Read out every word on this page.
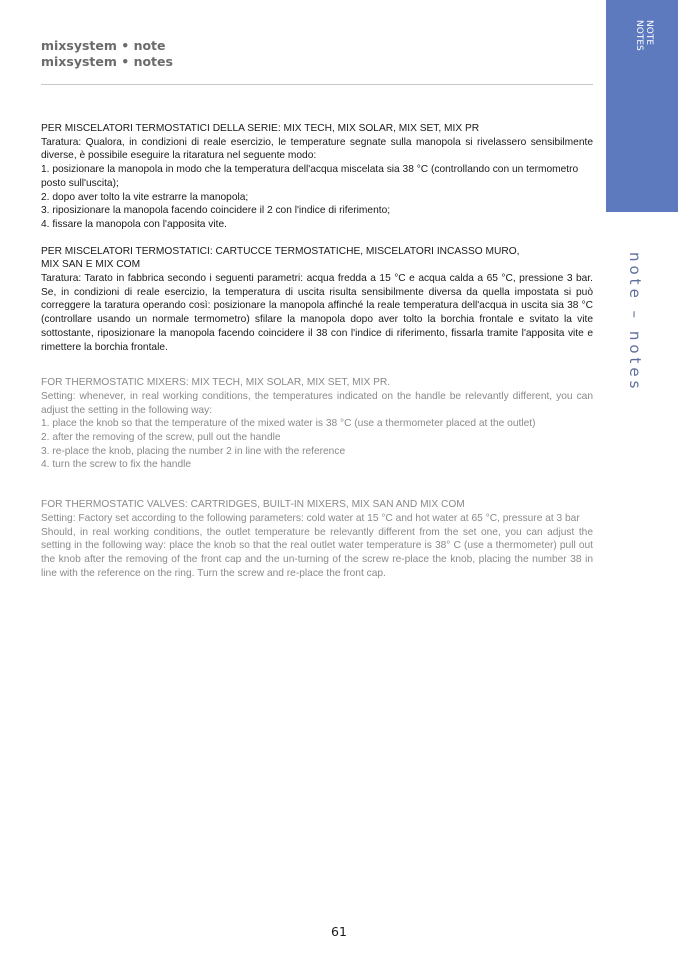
mixsystem • note
mixsystem • notes
NOTE
NOTES
note – notes

PER MISCELATORI TERMOSTATICI DELLA SERIE: MIX TECH, MIX SOLAR, MIX SET, MIX PR

Taratura: Qualora, in condizioni di reale esercizio, le temperature segnate sulla manopola si rivelassero sensibilmente diverse, è possibile eseguire la ritaratura nel seguente modo:

1. posizionare la manopola in modo che la temperatura dell'acqua miscelata sia 38 °C (controllando con un termometro posto sull'uscita);

2. dopo aver tolto la vite estrarre la manopola;

3. riposizionare la manopola facendo coincidere il 2 con l'indice di riferimento;

4. fissare la manopola con l'apposita vite.

PER MISCELATORI TERMOSTATICI: CARTUCCE TERMOSTATICHE, MISCELATORI INCASSO MURO,

MIX SAN E MIX COM

Taratura: Tarato in fabbrica secondo i seguenti parametri: acqua fredda a 15 °C e acqua calda a 65 °C, pressione 3 bar. Se, in condizioni di reale esercizio, la temperatura di uscita risulta sensibilmente diversa da quella impostata si può correggere la taratura operando così: posizionare la manopola affinché la reale temperatura dell'acqua in uscita sia 38 °C (controllare usando un normale termometro) sfilare la manopola dopo aver tolto la borchia frontale e svitato la vite sottostante, riposizionare la manopola facendo coincidere il 38 con l'indice di riferimento, fissarla tramite l'apposita vite e rimettere la borchia frontale.

FOR THERMOSTATIC MIXERS: MIX TECH, MIX SOLAR, MIX SET, MIX PR.

Setting: whenever, in real working conditions, the temperatures indicated on the handle be relevantly different, you can adjust the setting in the following way:

1. place the knob so that the temperature of the mixed water is 38 °C (use a thermometer placed at the outlet)

2. after the removing of the screw, pull out the handle

3. re-place the knob, placing the number 2 in line with the reference

4. turn the screw to fix the handle

FOR THERMOSTATIC VALVES: CARTRIDGES, BUILT-IN MIXERS, MIX SAN AND MIX COM

Setting: Factory set according to the following parameters: cold water at 15 °C and hot water at 65 °C, pressure at 3 bar

Should, in real working conditions, the outlet temperature be relevantly different from the set one, you can adjust the setting in the following way: place the knob so that the real outlet water temperature is 38° C (use a thermometer) pull out the knob after the removing of the front cap and the un-turning of the screw re-place the knob, placing the number 38 in line with the reference on the ring. Turn the screw and re-place the front cap.

61
